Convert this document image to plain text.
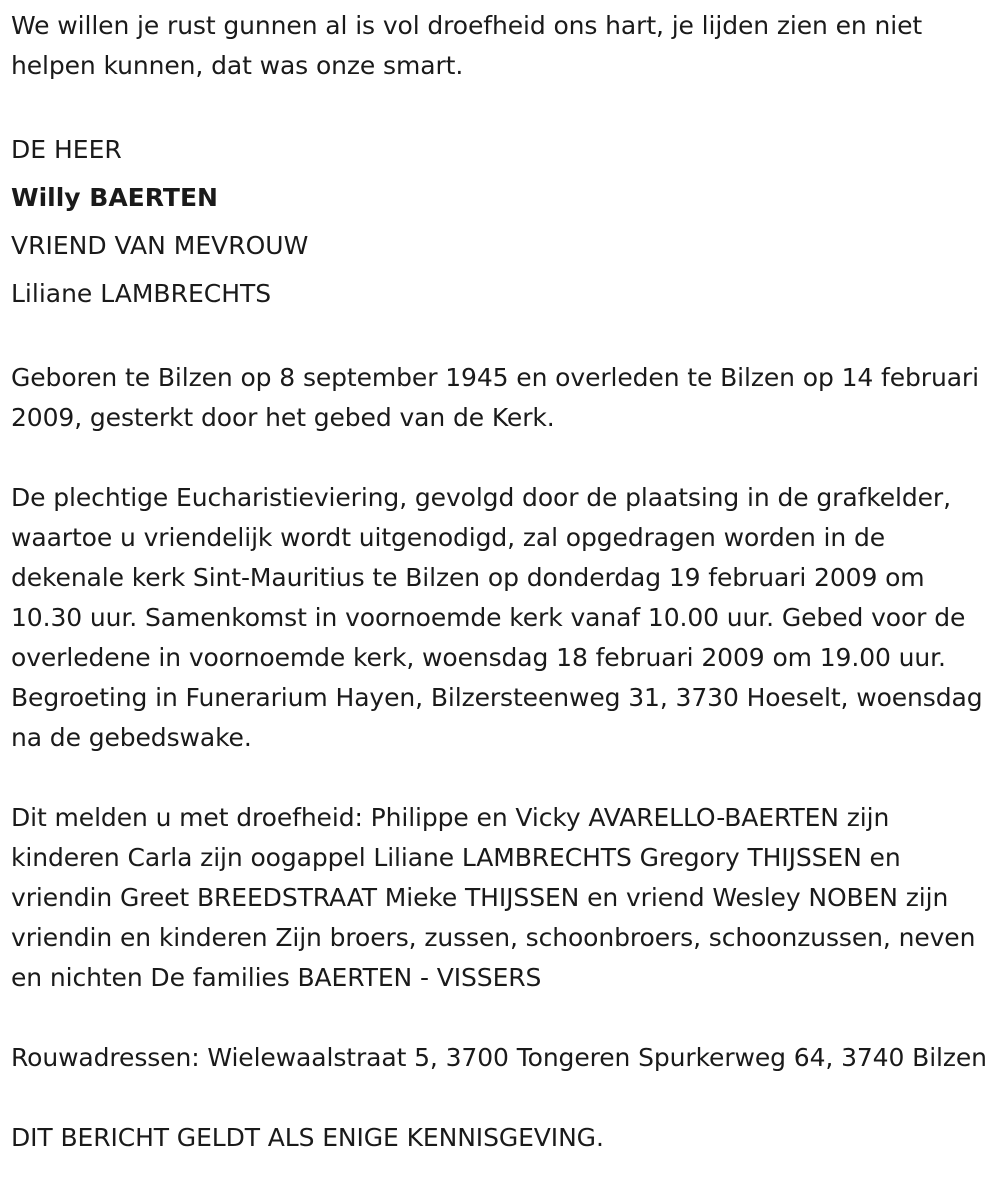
We willen je rust gunnen al is vol droefheid ons hart, je lijden zien en niet helpen kunnen, dat was onze smart.

DE HEER

Willy BAERTEN

VRIEND VAN MEVROUW

Liliane LAMBRECHTS

Geboren te Bilzen op 8 september 1945 en overleden te Bilzen op 14 februari 2009, gesterkt door het gebed van de Kerk.

De plechtige Eucharistieviering, gevolgd door de plaatsing in de grafkelder, waartoe u vriendelijk wordt uitgenodigd, zal opgedragen worden in de dekenale kerk Sint-Mauritius te Bilzen op donderdag 19 februari 2009 om 10.30 uur. Samenkomst in voornoemde kerk vanaf 10.00 uur. Gebed voor de overledene in voornoemde kerk, woensdag 18 februari 2009 om 19.00 uur. Begroeting in Funerarium Hayen, Bilzersteenweg 31, 3730 Hoeselt, woensdag na de gebedswake.

Dit melden u met droefheid: Philippe en Vicky AVARELLO-BAERTEN zijn kinderen Carla zijn oogappel Liliane LAMBRECHTS Gregory THIJSSEN en vriendin Greet BREEDSTRAAT Mieke THIJSSEN en vriend Wesley NOBEN zijn vriendin en kinderen Zijn broers, zussen, schoonbroers, schoonzussen, neven en nichten De families BAERTEN - VISSERS

Rouwadressen: Wielewaalstraat 5, 3700 Tongeren Spurkerweg 64, 3740 Bilzen

DIT BERICHT GELDT ALS ENIGE KENNISGEVING.
